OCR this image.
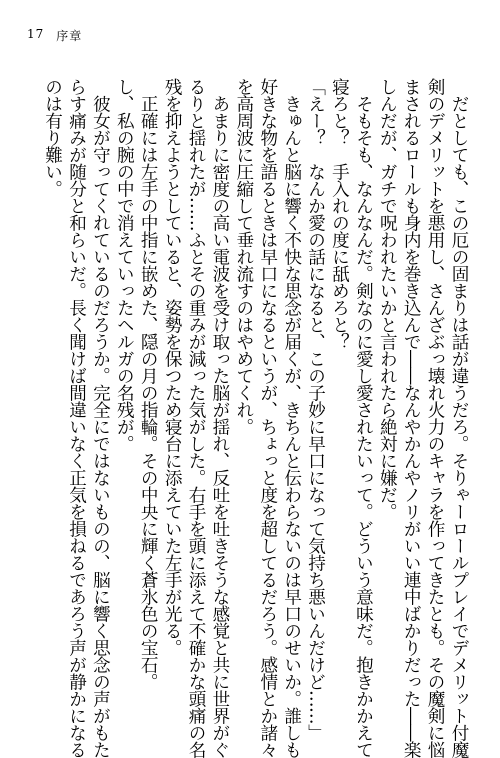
17 序章

　だとしても、この厄の固まりは話が違うだろ。そりゃーロールプレイでデメリット付魔

剣のデメリットを悪用し、さんざぶっ壊れ火力のキャラを作ってきたとも。その魔剣に悩

まされるロールも身内を巻き込んで――なんやかんやノリがいい連中ばかりだった――楽

しんだが、ガチで呪われたいかと言われたら絶対に嫌だ。

　そもそも、なんなんだ。剣なのに愛し愛されたいって。どういう意味だ。抱きかかえて

寝ろと？　手入れの度に舐めろと？

「えー？　なんか愛の話になると、この子妙に早口になって気持ち悪いんだけど……」

　きゅんと脳に響く不快な思念が届くが、きちんと伝わらないのは早口のせいか。誰しも

好きな物を語るときは早口になるというが、ちょっと度を超してるだろう。感情とか諸々

を高周波に圧縮して垂れ流すのはやめてくれ。

　あまりに密度の高い電波を受け取った脳が揺れ、反吐を吐きそうな感覚と共に世界がぐ

るりと揺れたが……ふとその重みが減った気がした。右手を頭に添えて不確かな頭痛の名

残を抑えようとしていると、姿勢を保つため寝台に添えていた左手が光る。

　正確には左手の中指に嵌めた、隠の月の指輪。その中央に輝く蒼氷色の宝石。

し、私の腕の中で消えていったヘルガの名残が。

　彼女が守ってくれているのだろうか。完全にではないものの、脳に響く思念の声がもた

らす痛みが随分と和らいだ。長く聞けば間違いなく正気を損ねるであろう声が静かになる

のは有り難い。
